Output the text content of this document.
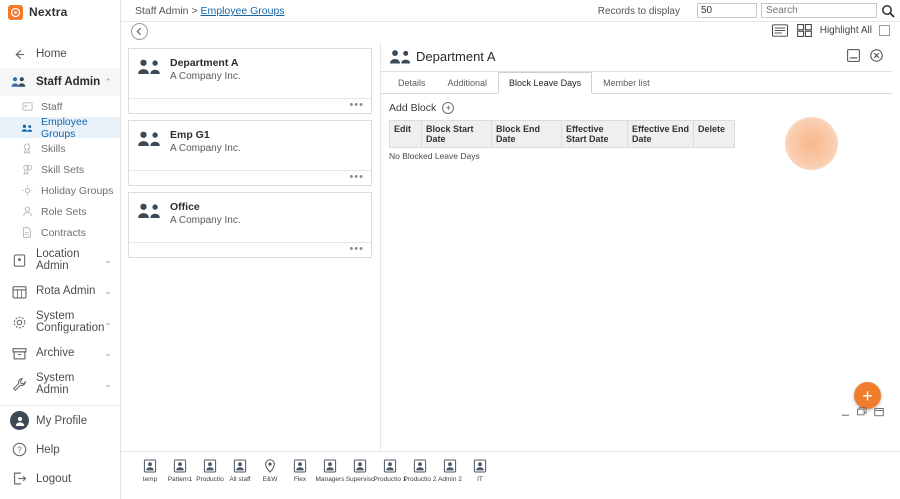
Nextra
Home
Staff Admin ⌃
Staff
Employee Groups
Skills
Skill Sets
Holiday Groups
Role Sets
Contracts
Location Admin
⌄
Rota Admin	⌄
System Configuration
⌄
Archive	⌄
System Admin
⌄
My Profile
? Help
Logout
Staff Admin > Employee Groups	Records to display
50
Search
Highlight All
Department A
A Company Inc.
•••
Emp G1
A Company Inc.
•••
Office
A Company Inc.
•••
Department A
Details	Additional	Block Leave Days	Member list
Add Block	+
Edit	Block Start Date	Block End Date	Effective Start Date	Effective End Date	Delete
No Blocked Leave Days
+
temp	Pattern1 Productio All staff	E&W	Flex	Managers Supervisc Productio 1
Productio 2 Admin 2	IT
